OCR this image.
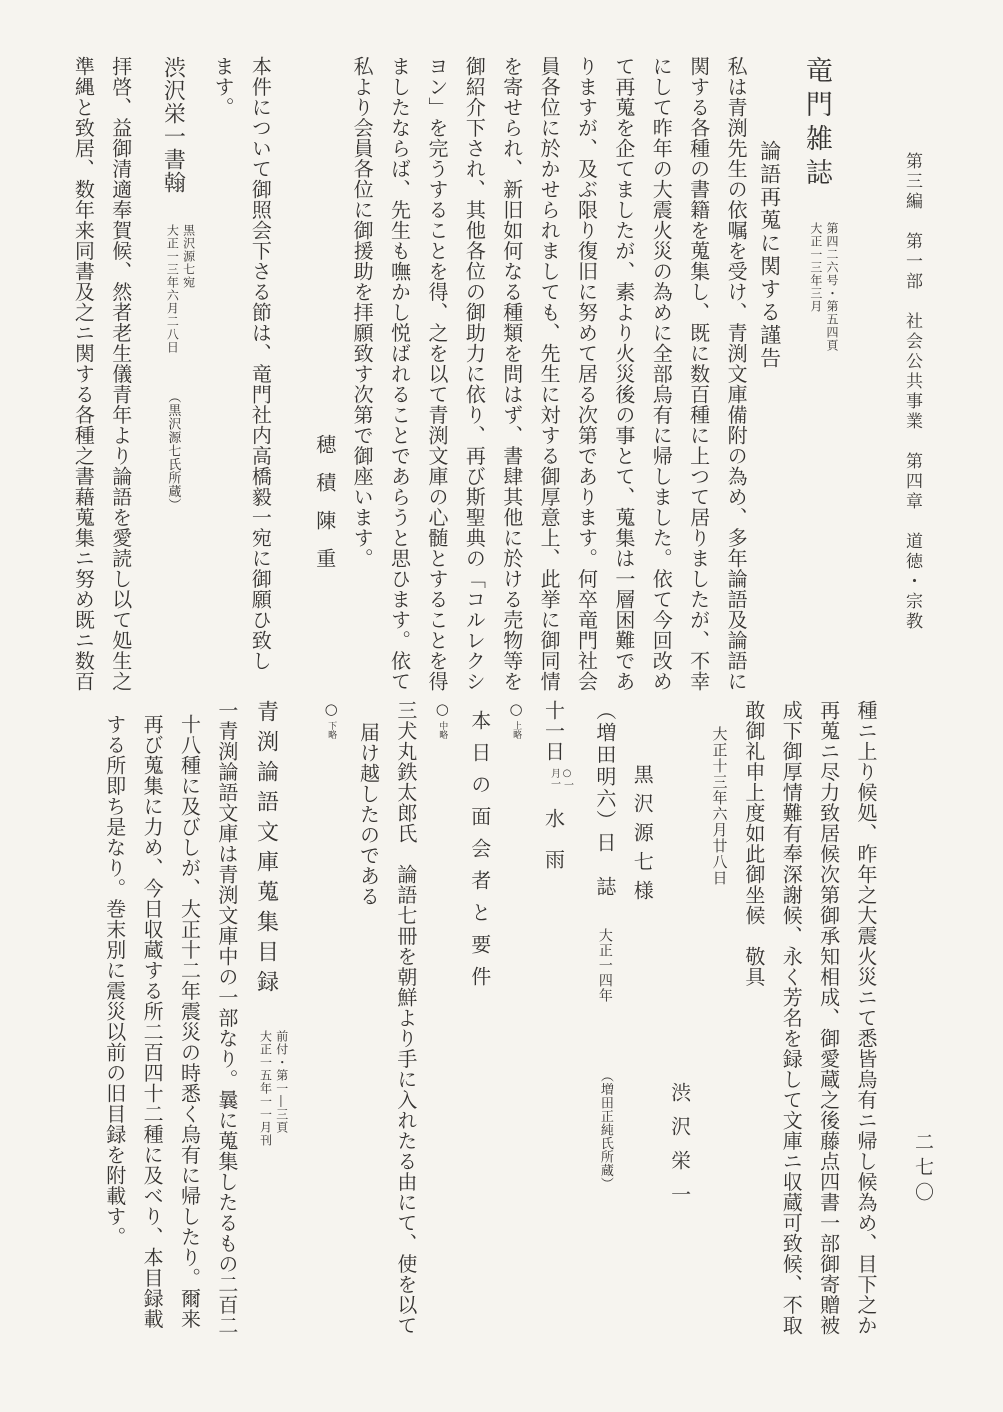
第三編　第一部　社会公共事業　第四章　道徳・宗教
二七〇
竜門雑誌
第四二六号・第五四頁
大正一三年三月
論語再蒐に関する謹告
私は青渕先生の依嘱を受け、青渕文庫備附の為め、多年論語及論語に
関する各種の書籍を蒐集し、既に数百種に上つて居りましたが、不幸
にして昨年の大震火災の為めに全部烏有に帰しました。依て今回改め
て再蒐を企てましたが、素より火災後の事とて、蒐集は一層困難であ
りますが、及ぶ限り復旧に努めて居る次第であります。何卒竜門社会
員各位に於かせられましても、先生に対する御厚意上、此挙に御同情
を寄せられ、新旧如何なる種類を問はず、書肆其他に於ける売物等を
御紹介下され、其他各位の御助力に依り、再び斯聖典の「コルレクシ
ヨン」を完うすることを得、之を以て青渕文庫の心髄とすることを得
ましたならば、先生も嘸かし悦ばれることであらうと思ひます。依て
私より会員各位に御援助を拝願致す次第で御座います。
穂積陳重
本件について御照会下さる節は、竜門社内高橋毅一宛に御願ひ致し
ます。
渋沢栄一書翰
黒沢源七宛
大正一三年六月二八日
（黒沢源七氏所蔵）
拝啓、益御清適奉賀候、然者老生儀青年より論語を愛読し以て処生之
準縄と致居、数年来同書及之ニ関する各種之書藉蒐集ニ努め既ニ数百
種ニ上り候処、昨年之大震火災ニて悉皆烏有ニ帰し候為め、目下之か
再蒐ニ尽力致居候次第御承知相成、御愛蔵之後藤点四書一部御寄贈被
成下御厚情難有奉深謝候、永く芳名を録して文庫ニ収蔵可致候、不取
敢御礼申上度如此御坐候　敬具
大正十三年六月廿八日
渋沢栄一
黒沢源七様
（増田明六）日　誌大正一四年（増田正純氏所蔵）
十一日
○一
月一
水　雨
○上略
本日の面会者と要件
○中略
三犬丸鉄太郎氏　論語七冊を朝鮮より手に入れたる由にて、使を以て
届け越したのである
○下略
青渕論語文庫蒐集目録
前付・第一―三頁
大正一五年一一月刊
一青渕論語文庫は青渕文庫中の一部なり。曩に蒐集したるもの二百二
十八種に及びしが、大正十二年震災の時悉く烏有に帰したり。爾来
再び蒐集に力め、今日収蔵する所二百四十二種に及べり、本目録載
する所即ち是なり。巻末別に震災以前の旧目録を附載す。
